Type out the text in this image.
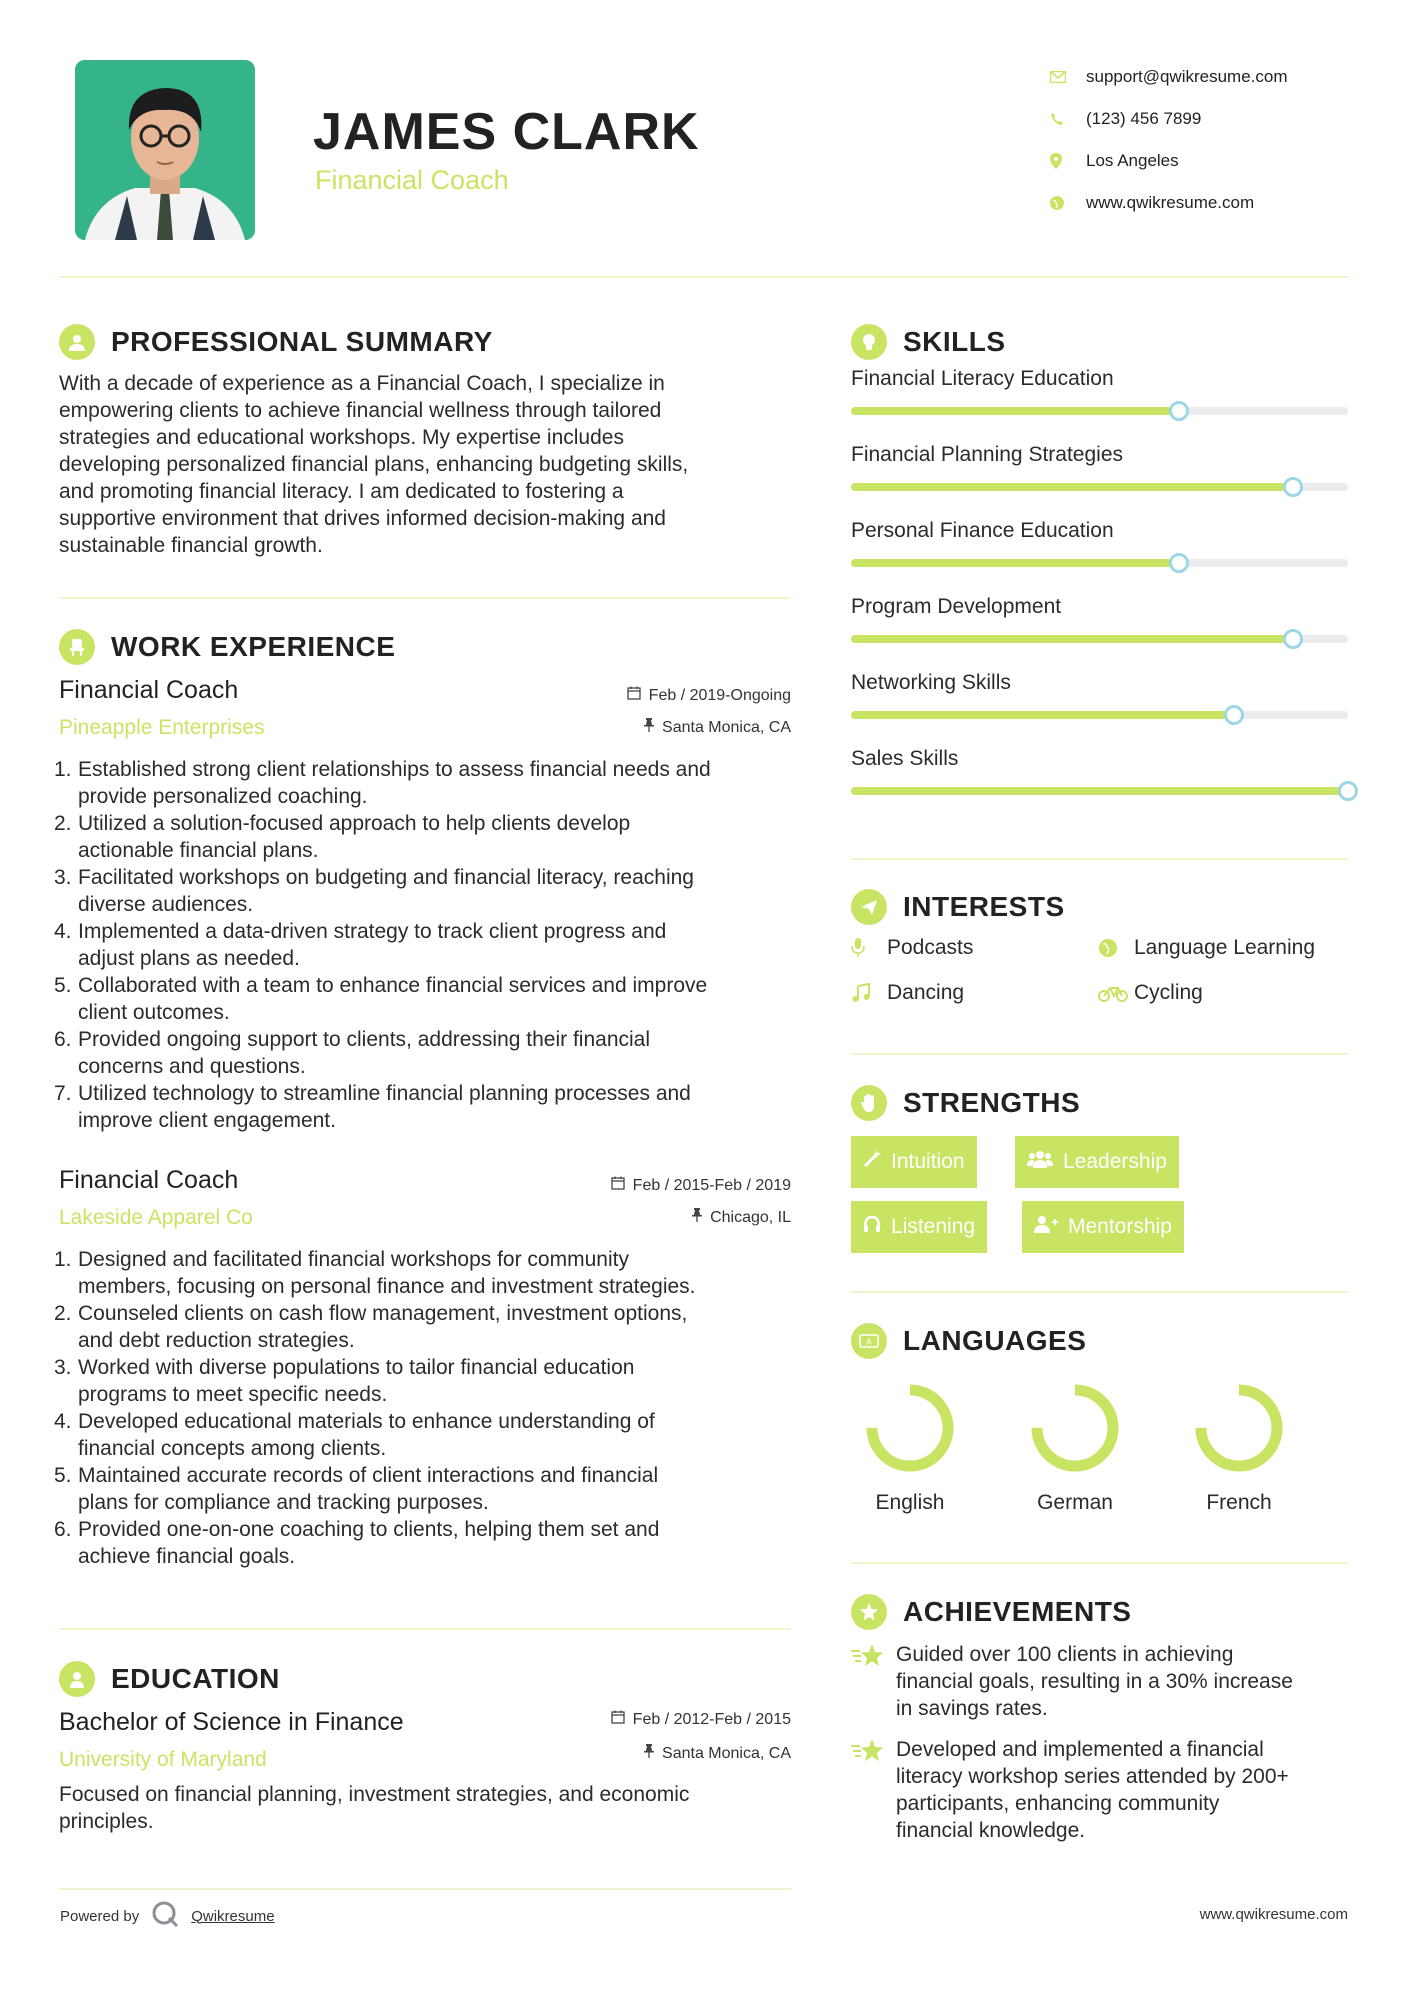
JAMES CLARK
Financial Coach
support@qwikresume.com
(123) 456 7899
Los Angeles
www.qwikresume.com
PROFESSIONAL SUMMARY
With a decade of experience as a Financial Coach, I specialize in
empowering clients to achieve financial wellness through tailored
strategies and educational workshops. My expertise includes
developing personalized financial plans, enhancing budgeting skills,
and promoting financial literacy. I am dedicated to fostering a
supportive environment that drives informed decision-making and
sustainable financial growth.
WORK EXPERIENCE
Financial Coach
Pineapple Enterprises
Feb / 2019-Ongoing
Santa Monica, CA
1. Established strong client relationships to assess financial needs and
provide personalized coaching.
2. Utilized a solution-focused approach to help clients develop
actionable financial plans.
3. Facilitated workshops on budgeting and financial literacy, reaching
diverse audiences.
4. Implemented a data-driven strategy to track client progress and
adjust plans as needed.
5. Collaborated with a team to enhance financial services and improve
client outcomes.
6. Provided ongoing support to clients, addressing their financial
concerns and questions.
7. Utilized technology to streamline financial planning processes and
improve client engagement.
Financial Coach
Lakeside Apparel Co
Feb / 2015-Feb / 2019
Chicago, IL
1. Designed and facilitated financial workshops for community
members, focusing on personal finance and investment strategies.
2. Counseled clients on cash flow management, investment options,
and debt reduction strategies.
3. Worked with diverse populations to tailor financial education
programs to meet specific needs.
4. Developed educational materials to enhance understanding of
financial concepts among clients.
5. Maintained accurate records of client interactions and financial
plans for compliance and tracking purposes.
6. Provided one-on-one coaching to clients, helping them set and
achieve financial goals.
EDUCATION
Bachelor of Science in Finance
University of Maryland
Feb / 2012-Feb / 2015
Santa Monica, CA
Focused on financial planning, investment strategies, and economic
principles.
SKILLS
Financial Literacy Education
Financial Planning Strategies
Personal Finance Education
Program Development
Networking Skills
Sales Skills
INTERESTS
Podcasts	Language Learning
Dancing	Cycling
STRENGTHS
Intuition	Leadership
Listening	Mentorship
A LANGUAGES
English	German	French
ACHIEVEMENTS
Guided over 100 clients in achieving
financial goals, resulting in a 30% increase
in savings rates.
Developed and implemented a financial
literacy workshop series attended by 200+
participants, enhancing community
financial knowledge.
Powered by	Qwikresume	www.qwikresume.com
